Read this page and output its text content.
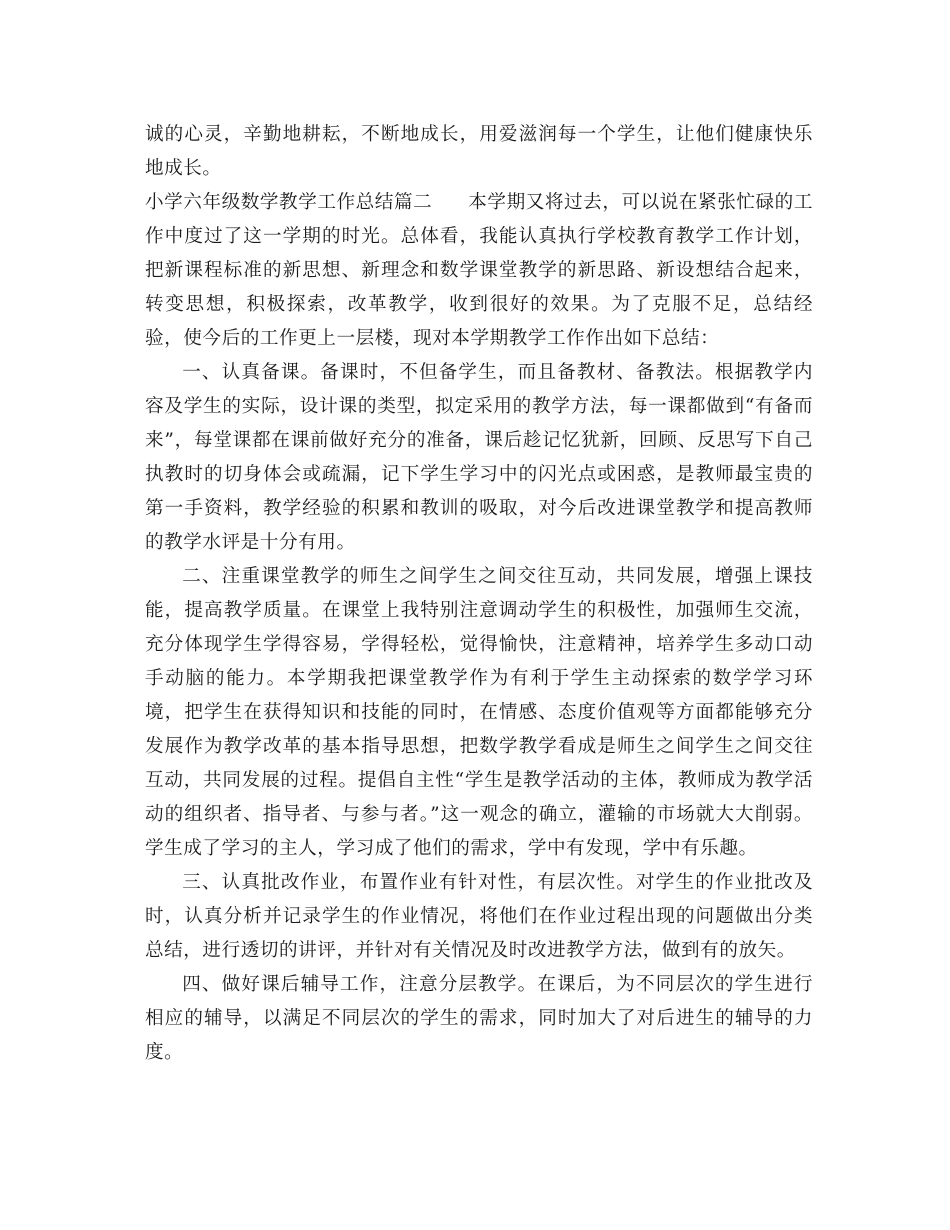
诚的心灵，辛勤地耕耘，不断地成长，用爱滋润每一个学生，让他们健康快乐地成长。

小学六年级数学教学工作总结篇二 本学期又将过去，可以说在紧张忙碌的工作中度过了这一学期的时光。总体看，我能认真执行学校教育教学工作计划，把新课程标准的新思想、新理念和数学课堂教学的新思路、新设想结合起来，转变思想，积极探索，改革教学，收到很好的效果。为了克服不足，总结经验，使今后的工作更上一层楼，现对本学期教学工作作出如下总结：

一、认真备课。备课时，不但备学生，而且备教材、备教法。根据教学内容及学生的实际，设计课的类型，拟定采用的教学方法，每一课都做到“有备而来”，每堂课都在课前做好充分的准备，课后趁记忆犹新，回顾、反思写下自己执教时的切身体会或疏漏，记下学生学习中的闪光点或困惑，是教师最宝贵的第一手资料，教学经验的积累和教训的吸取，对今后改进课堂教学和提高教师的教学水评是十分有用。

二、注重课堂教学的师生之间学生之间交往互动，共同发展，增强上课技能，提高教学质量。在课堂上我特别注意调动学生的积极性，加强师生交流，充分体现学生学得容易，学得轻松，觉得愉快，注意精神，培养学生多动口动手动脑的能力。本学期我把课堂教学作为有利于学生主动探索的数学学习环境，把学生在获得知识和技能的同时，在情感、态度价值观等方面都能够充分发展作为教学改革的基本指导思想，把数学教学看成是师生之间学生之间交往互动，共同发展的过程。提倡自主性“学生是教学活动的主体，教师成为教学活动的组织者、指导者、与参与者。”这一观念的确立，灌输的市场就大大削弱。学生成了学习的主人，学习成了他们的需求，学中有发现，学中有乐趣。

三、认真批改作业，布置作业有针对性，有层次性。对学生的作业批改及时，认真分析并记录学生的作业情况，将他们在作业过程出现的问题做出分类总结，进行透切的讲评，并针对有关情况及时改进教学方法，做到有的放矢。

四、做好课后辅导工作，注意分层教学。在课后，为不同层次的学生进行相应的辅导，以满足不同层次的学生的需求，同时加大了对后进生的辅导的力度。
